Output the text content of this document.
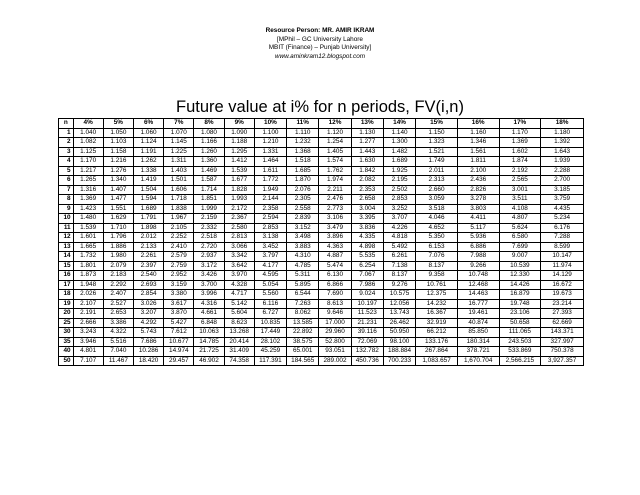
Resource Person: MR. AMIR IKRAM
[MPhil – GC University Lahore
MBIT (Finance) – Punjab University]
www.aminkram12.blogspot.com
Future value at i% for n periods, FV(i,n)
n	4%	5%	6%	7%	8%	9%	10%	11%	12%	13%	14%	15%	16%	17%	18%
1	1.040	1.050	1.060	1.070	1.080	1.090	1.100	1.110	1.120	1.130	1.140	1.150	1.160	1.170	1.180
2	1.082	1.103	1.124	1.145	1.166	1.188	1.210	1.232	1.254	1.277	1.300	1.323	1.346	1.369	1.392
3	1.125	1.158	1.191	1.225	1.260	1.295	1.331	1.368	1.405	1.443	1.482	1.521	1.561	1.602	1.643
4	1.170	1.216	1.262	1.311	1.360	1.412	1.464	1.518	1.574	1.630	1.689	1.749	1.811	1.874	1.939
5	1.217	1.276	1.338	1.403	1.469	1.539	1.611	1.685	1.762	1.842	1.925	2.011	2.100	2.192	2.288
6	1.265	1.340	1.419	1.501	1.587	1.677	1.772	1.870	1.974	2.082	2.195	2.313	2.436	2.565	2.700
7	1.316	1.407	1.504	1.606	1.714	1.828	1.949	2.076	2.211	2.353	2.502	2.660	2.826	3.001	3.185
8	1.369	1.477	1.594	1.718	1.851	1.993	2.144	2.305	2.476	2.658	2.853	3.059	3.278	3.511	3.759
9	1.423	1.551	1.689	1.838	1.999	2.172	2.358	2.558	2.773	3.004	3.252	3.518	3.803	4.108	4.435
10	1.480	1.629	1.791	1.967	2.159	2.367	2.594	2.839	3.106	3.395	3.707	4.046	4.411	4.807	5.234
11	1.539	1.710	1.898	2.105	2.332	2.580	2.853	3.152	3.479	3.836	4.226	4.652	5.117	5.624	6.176
12	1.601	1.796	2.012	2.252	2.518	2.813	3.138	3.498	3.896	4.335	4.818	5.350	5.936	6.580	7.288
13	1.665	1.886	2.133	2.410	2.720	3.066	3.452	3.883	4.363	4.898	5.492	6.153	6.886	7.699	8.599
14	1.732	1.980	2.261	2.579	2.937	3.342	3.797	4.310	4.887	5.535	6.261	7.076	7.988	9.007	10.147
15	1.801	2.079	2.397	2.759	3.172	3.642	4.177	4.785	5.474	6.254	7.138	8.137	9.266	10.539	11.974
16	1.873	2.183	2.540	2.952	3.426	3.970	4.595	5.311	6.130	7.067	8.137	9.358	10.748	12.330	14.129
17	1.948	2.292	2.693	3.159	3.700	4.328	5.054	5.895	6.866	7.986	9.276	10.761	12.468	14.426	16.672
18	2.026	2.407	2.854	3.380	3.996	4.717	5.560	6.544	7.690	9.024	10.575	12.375	14.463	16.879	19.673
19	2.107	2.527	3.026	3.617	4.316	5.142	6.116	7.263	8.613	10.197	12.056	14.232	16.777	19.748	23.214
20	2.191	2.653	3.207	3.870	4.661	5.604	6.727	8.062	9.646	11.523	13.743	16.367	19.461	23.106	27.393
25	2.666	3.386	4.292	5.427	6.848	8.623	10.835	13.585	17.000	21.231	26.462	32.919	40.874	50.658	62.669
30	3.243	4.322	5.743	7.612	10.063	13.268	17.449	22.892	29.960	39.116	50.950	66.212	85.850	111.065	143.371
35	3.946	5.516	7.686	10.677	14.785	20.414	28.102	38.575	52.800	72.069	98.100	133.176	180.314	243.503	327.997
40	4.801	7.040	10.286	14.974	21.725	31.409	45.259	65.001	93.051	132.782	188.884	267.864	378.721	533.869	750.378
50	7.107	11.467	18.420	29.457	46.902	74.358	117.391	184.565	289.002	450.736	700.233	1,083.657	1,670.704	2,566.215	3,927.357
